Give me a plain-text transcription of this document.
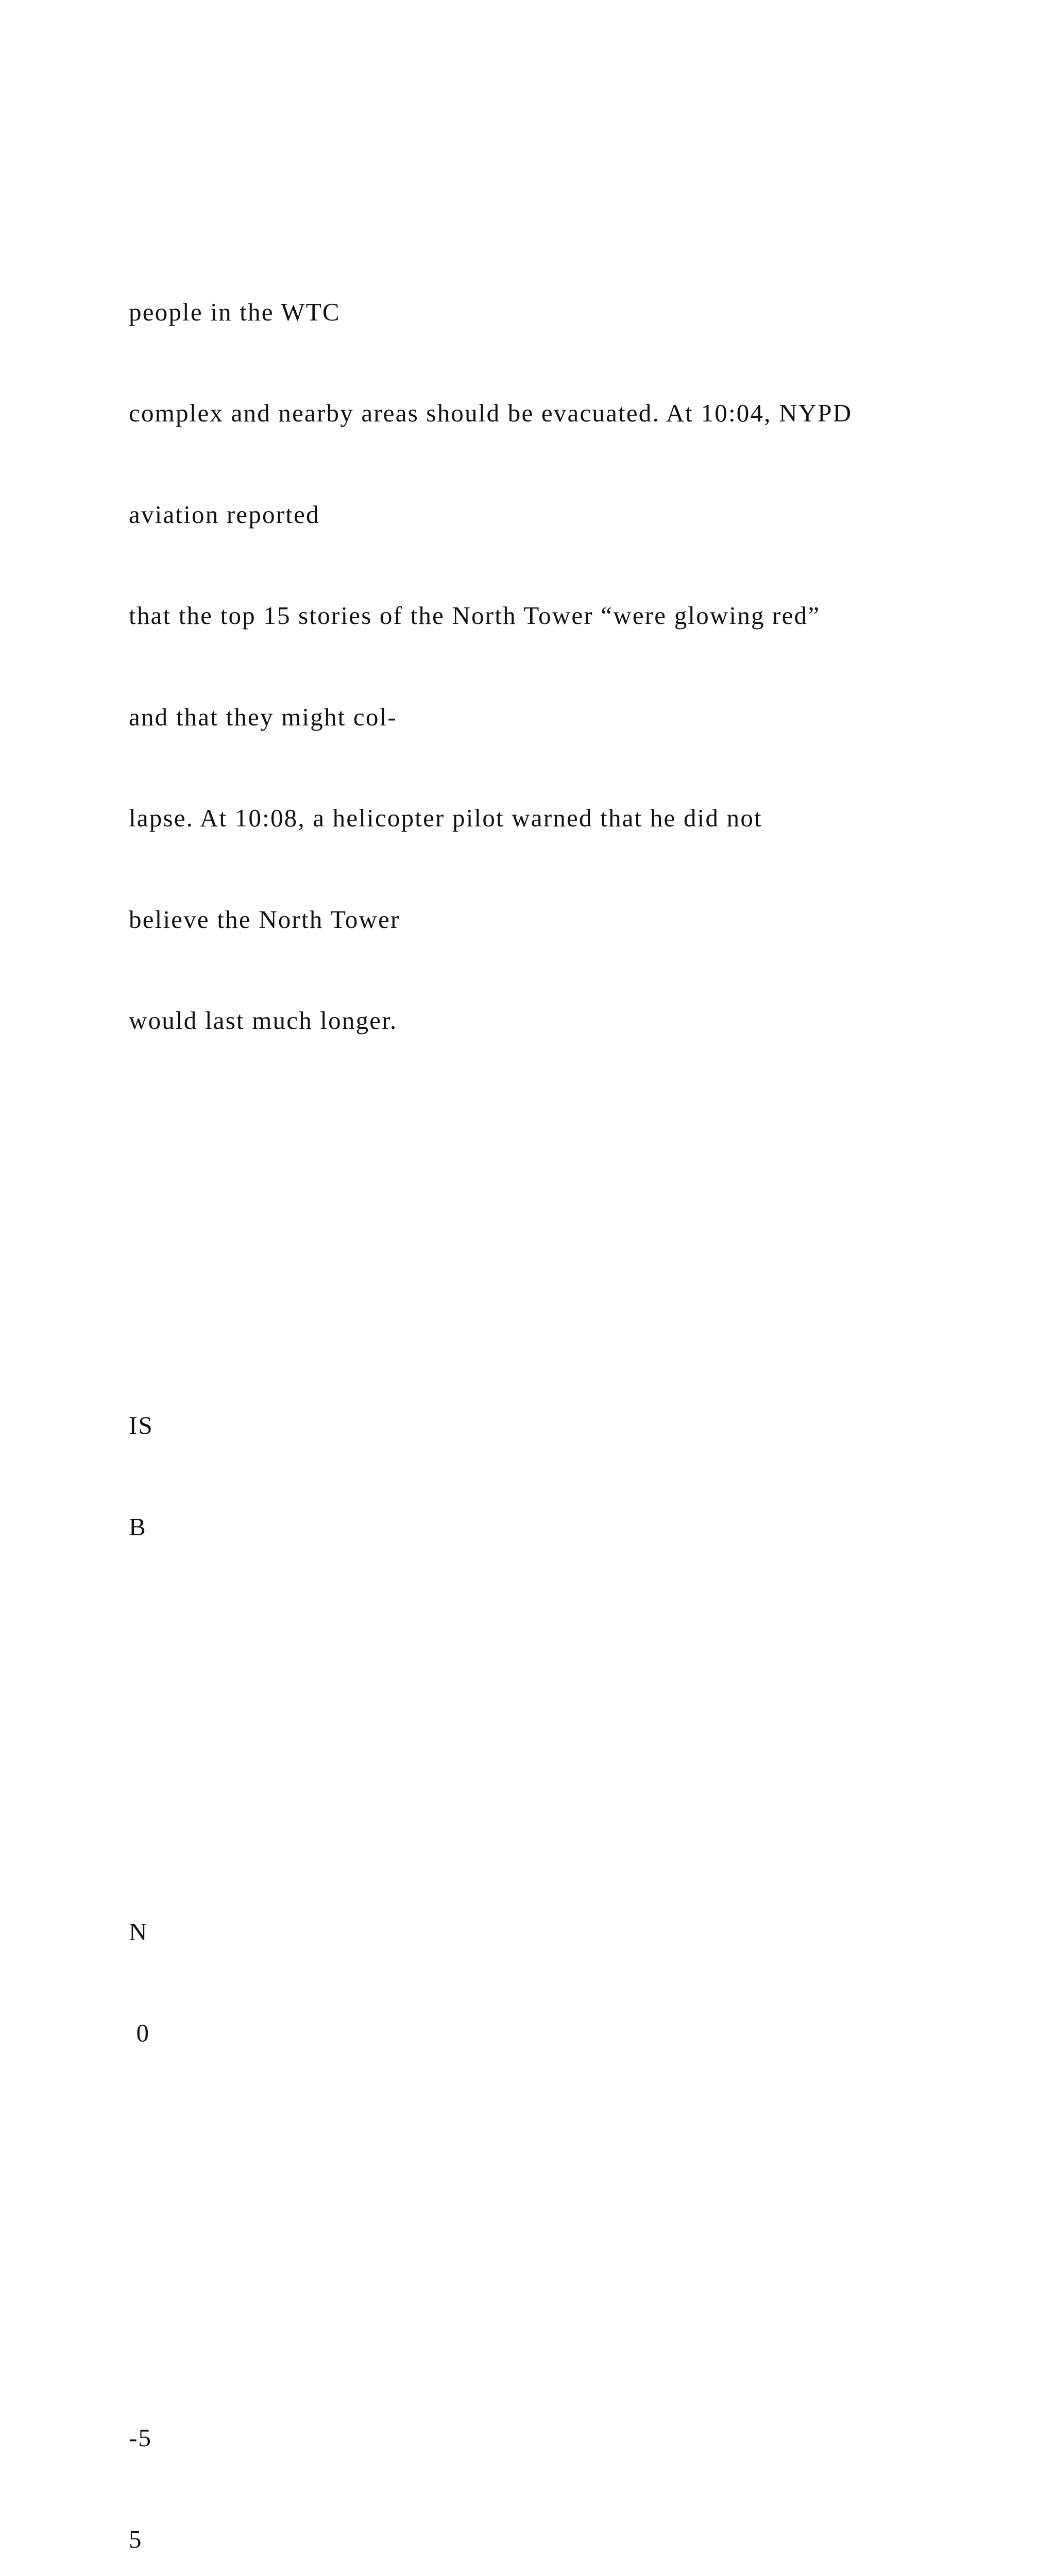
people in the WTC

complex and nearby areas should be evacuated. At 10:04, NYPD

aviation reported

that the top 15 stories of the North Tower “were glowing red”

and that they might col-

lapse. At 10:08, a helicopter pilot warned that he did not

believe the North Tower

would last much longer.

IS

B

N

0

-5

5
